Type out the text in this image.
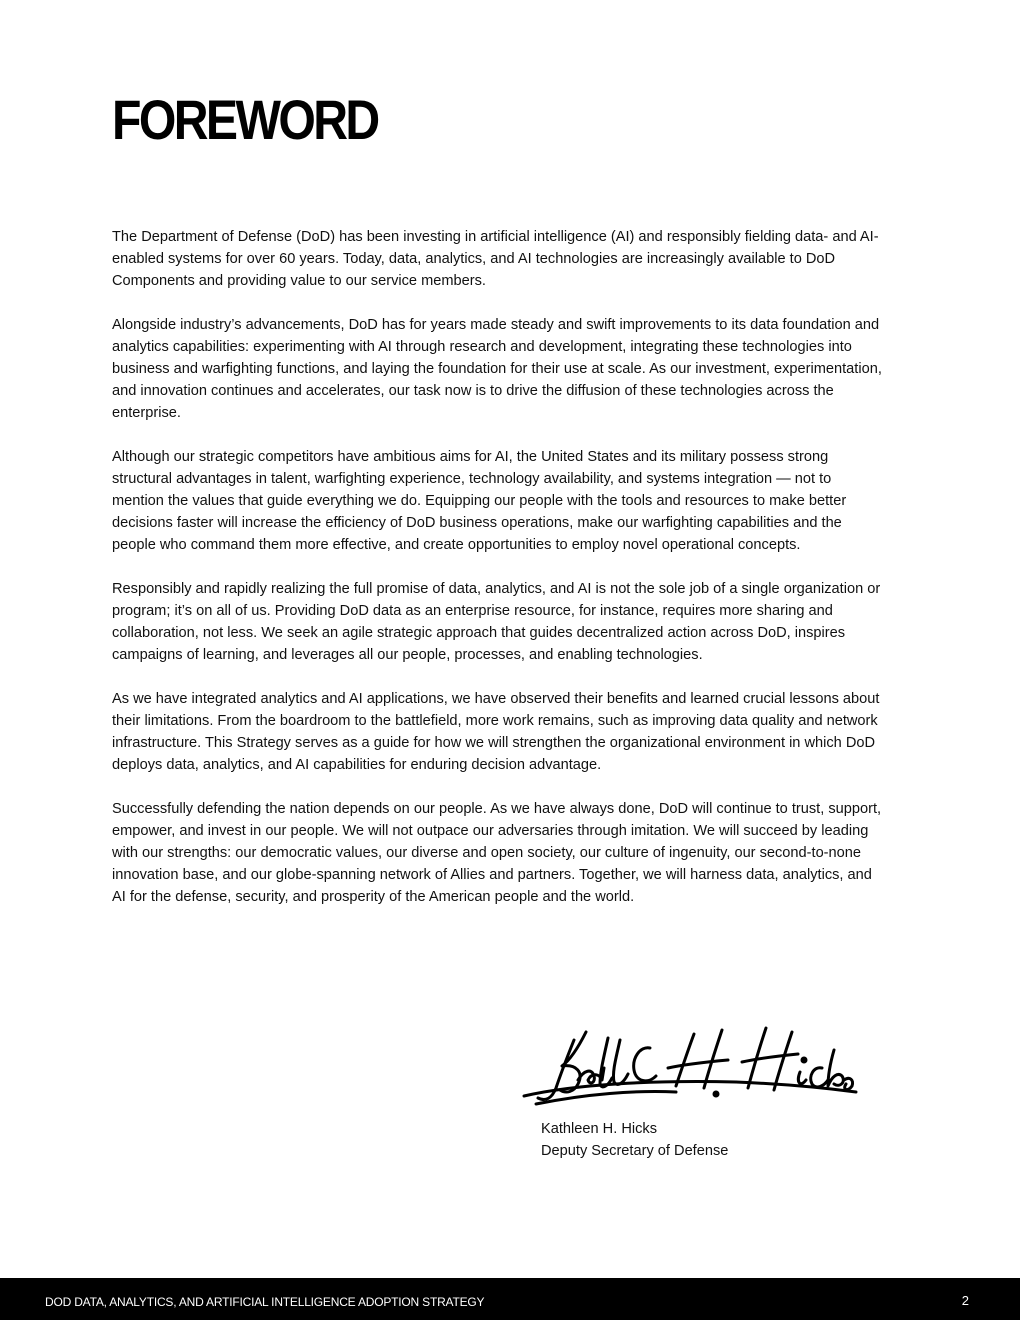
FOREWORD

The Department of Defense (DoD) has been investing in artificial intelligence (AI) and responsibly fielding data- and AI-enabled systems for over 60 years. Today, data, analytics, and AI technologies are increasingly available to DoD Components and providing value to our service members.

Alongside industry’s advancements, DoD has for years made steady and swift improvements to its data foundation and analytics capabilities: experimenting with AI through research and development, integrating these technologies into business and warfighting functions, and laying the foundation for their use at scale. As our investment, experimentation, and innovation continues and accelerates, our task now is to drive the diffusion of these technologies across the enterprise.

Although our strategic competitors have ambitious aims for AI, the United States and its military possess strong structural advantages in talent, warfighting experience, technology availability, and systems integration — not to mention the values that guide everything we do. Equipping our people with the tools and resources to make better decisions faster will increase the efficiency of DoD business operations, make our warfighting capabilities and the people who command them more effective, and create opportunities to employ novel operational concepts.

Responsibly and rapidly realizing the full promise of data, analytics, and AI is not the sole job of a single organization or program; it’s on all of us. Providing DoD data as an enterprise resource, for instance, requires more sharing and collaboration, not less. We seek an agile strategic approach that guides decentralized action across DoD, inspires campaigns of learning, and leverages all our people, processes, and enabling technologies.

As we have integrated analytics and AI applications, we have observed their benefits and learned crucial lessons about their limitations. From the boardroom to the battlefield, more work remains, such as improving data quality and network infrastructure. This Strategy serves as a guide for how we will strengthen the organizational environment in which DoD deploys data, analytics, and AI capabilities for enduring decision advantage.

Successfully defending the nation depends on our people. As we have always done, DoD will continue to trust, support, empower, and invest in our people. We will not outpace our adversaries through imitation. We will succeed by leading with our strengths: our democratic values, our diverse and open society, our culture of ingenuity, our second-to-none innovation base, and our globe-spanning network of Allies and partners. Together, we will harness data, analytics, and AI for the defense, security, and prosperity of the American people and the world.

Kathleen H. Hicks
Deputy Secretary of Defense
DOD DATA, ANALYTICS, AND ARTIFICIAL INTELLIGENCE ADOPTION STRATEGY	2
